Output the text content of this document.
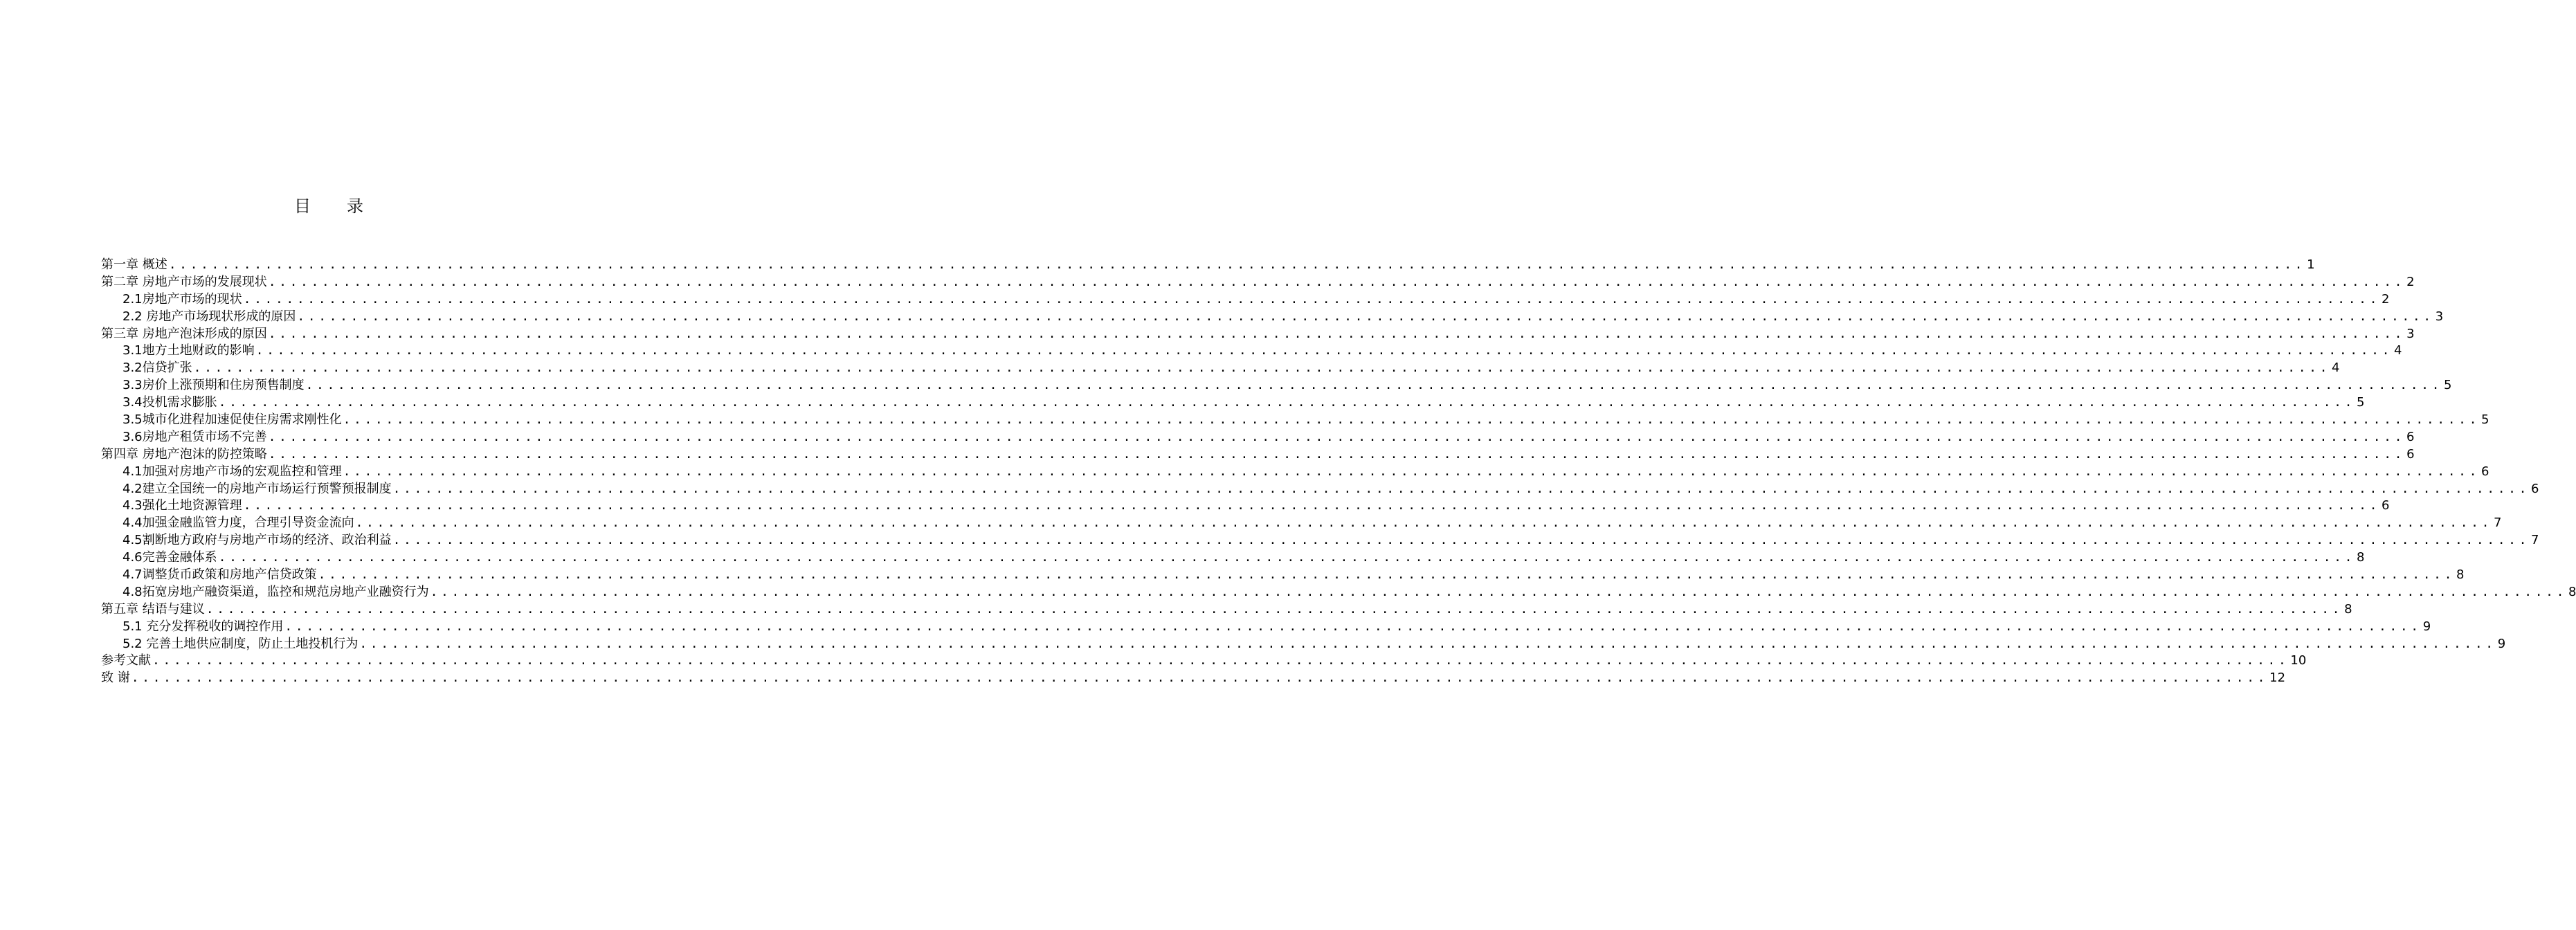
目 录
第一章 概述 ........................................................................................................................................................................................................ 1
第二章 房地产市场的发展现状 ........................................................................................................................................................................................................ 2
2.1房地产市场的现状 ........................................................................................................................................................................................................ 2
2.2 房地产市场现状形成的原因 ........................................................................................................................................................................................................ 3
第三章 房地产泡沫形成的原因 ........................................................................................................................................................................................................ 3
3.1地方土地财政的影响 ........................................................................................................................................................................................................ 4
3.2信贷扩张 ........................................................................................................................................................................................................ 4
3.3房价上涨预期和住房预售制度 ........................................................................................................................................................................................................ 5
3.4投机需求膨胀 ........................................................................................................................................................................................................ 5
3.5城市化进程加速促使住房需求刚性化 ........................................................................................................................................................................................................ 5
3.6房地产租赁市场不完善 ........................................................................................................................................................................................................ 6
第四章 房地产泡沫的防控策略 ........................................................................................................................................................................................................ 6
4.1加强对房地产市场的宏观监控和管理 ........................................................................................................................................................................................................ 6
4.2建立全国统一的房地产市场运行预警预报制度 ........................................................................................................................................................................................................ 6
4.3强化土地资源管理 ........................................................................................................................................................................................................ 6
4.4加强金融监管力度，合理引导资金流向 ........................................................................................................................................................................................................ 7
4.5割断地方政府与房地产市场的经济、政治利益 ........................................................................................................................................................................................................ 7
4.6完善金融体系 ........................................................................................................................................................................................................ 8
4.7调整货币政策和房地产信贷政策 ........................................................................................................................................................................................................ 8
4.8拓宽房地产融资渠道，监控和规范房地产业融资行为 ........................................................................................................................................................................................................ 8
第五章 结语与建议 ........................................................................................................................................................................................................ 8
5.1 充分发挥税收的调控作用 ........................................................................................................................................................................................................ 9
5.2 完善土地供应制度，防止土地投机行为 ........................................................................................................................................................................................................ 9
参考文献 ........................................................................................................................................................................................................ 10
致 谢 ........................................................................................................................................................................................................ 12
